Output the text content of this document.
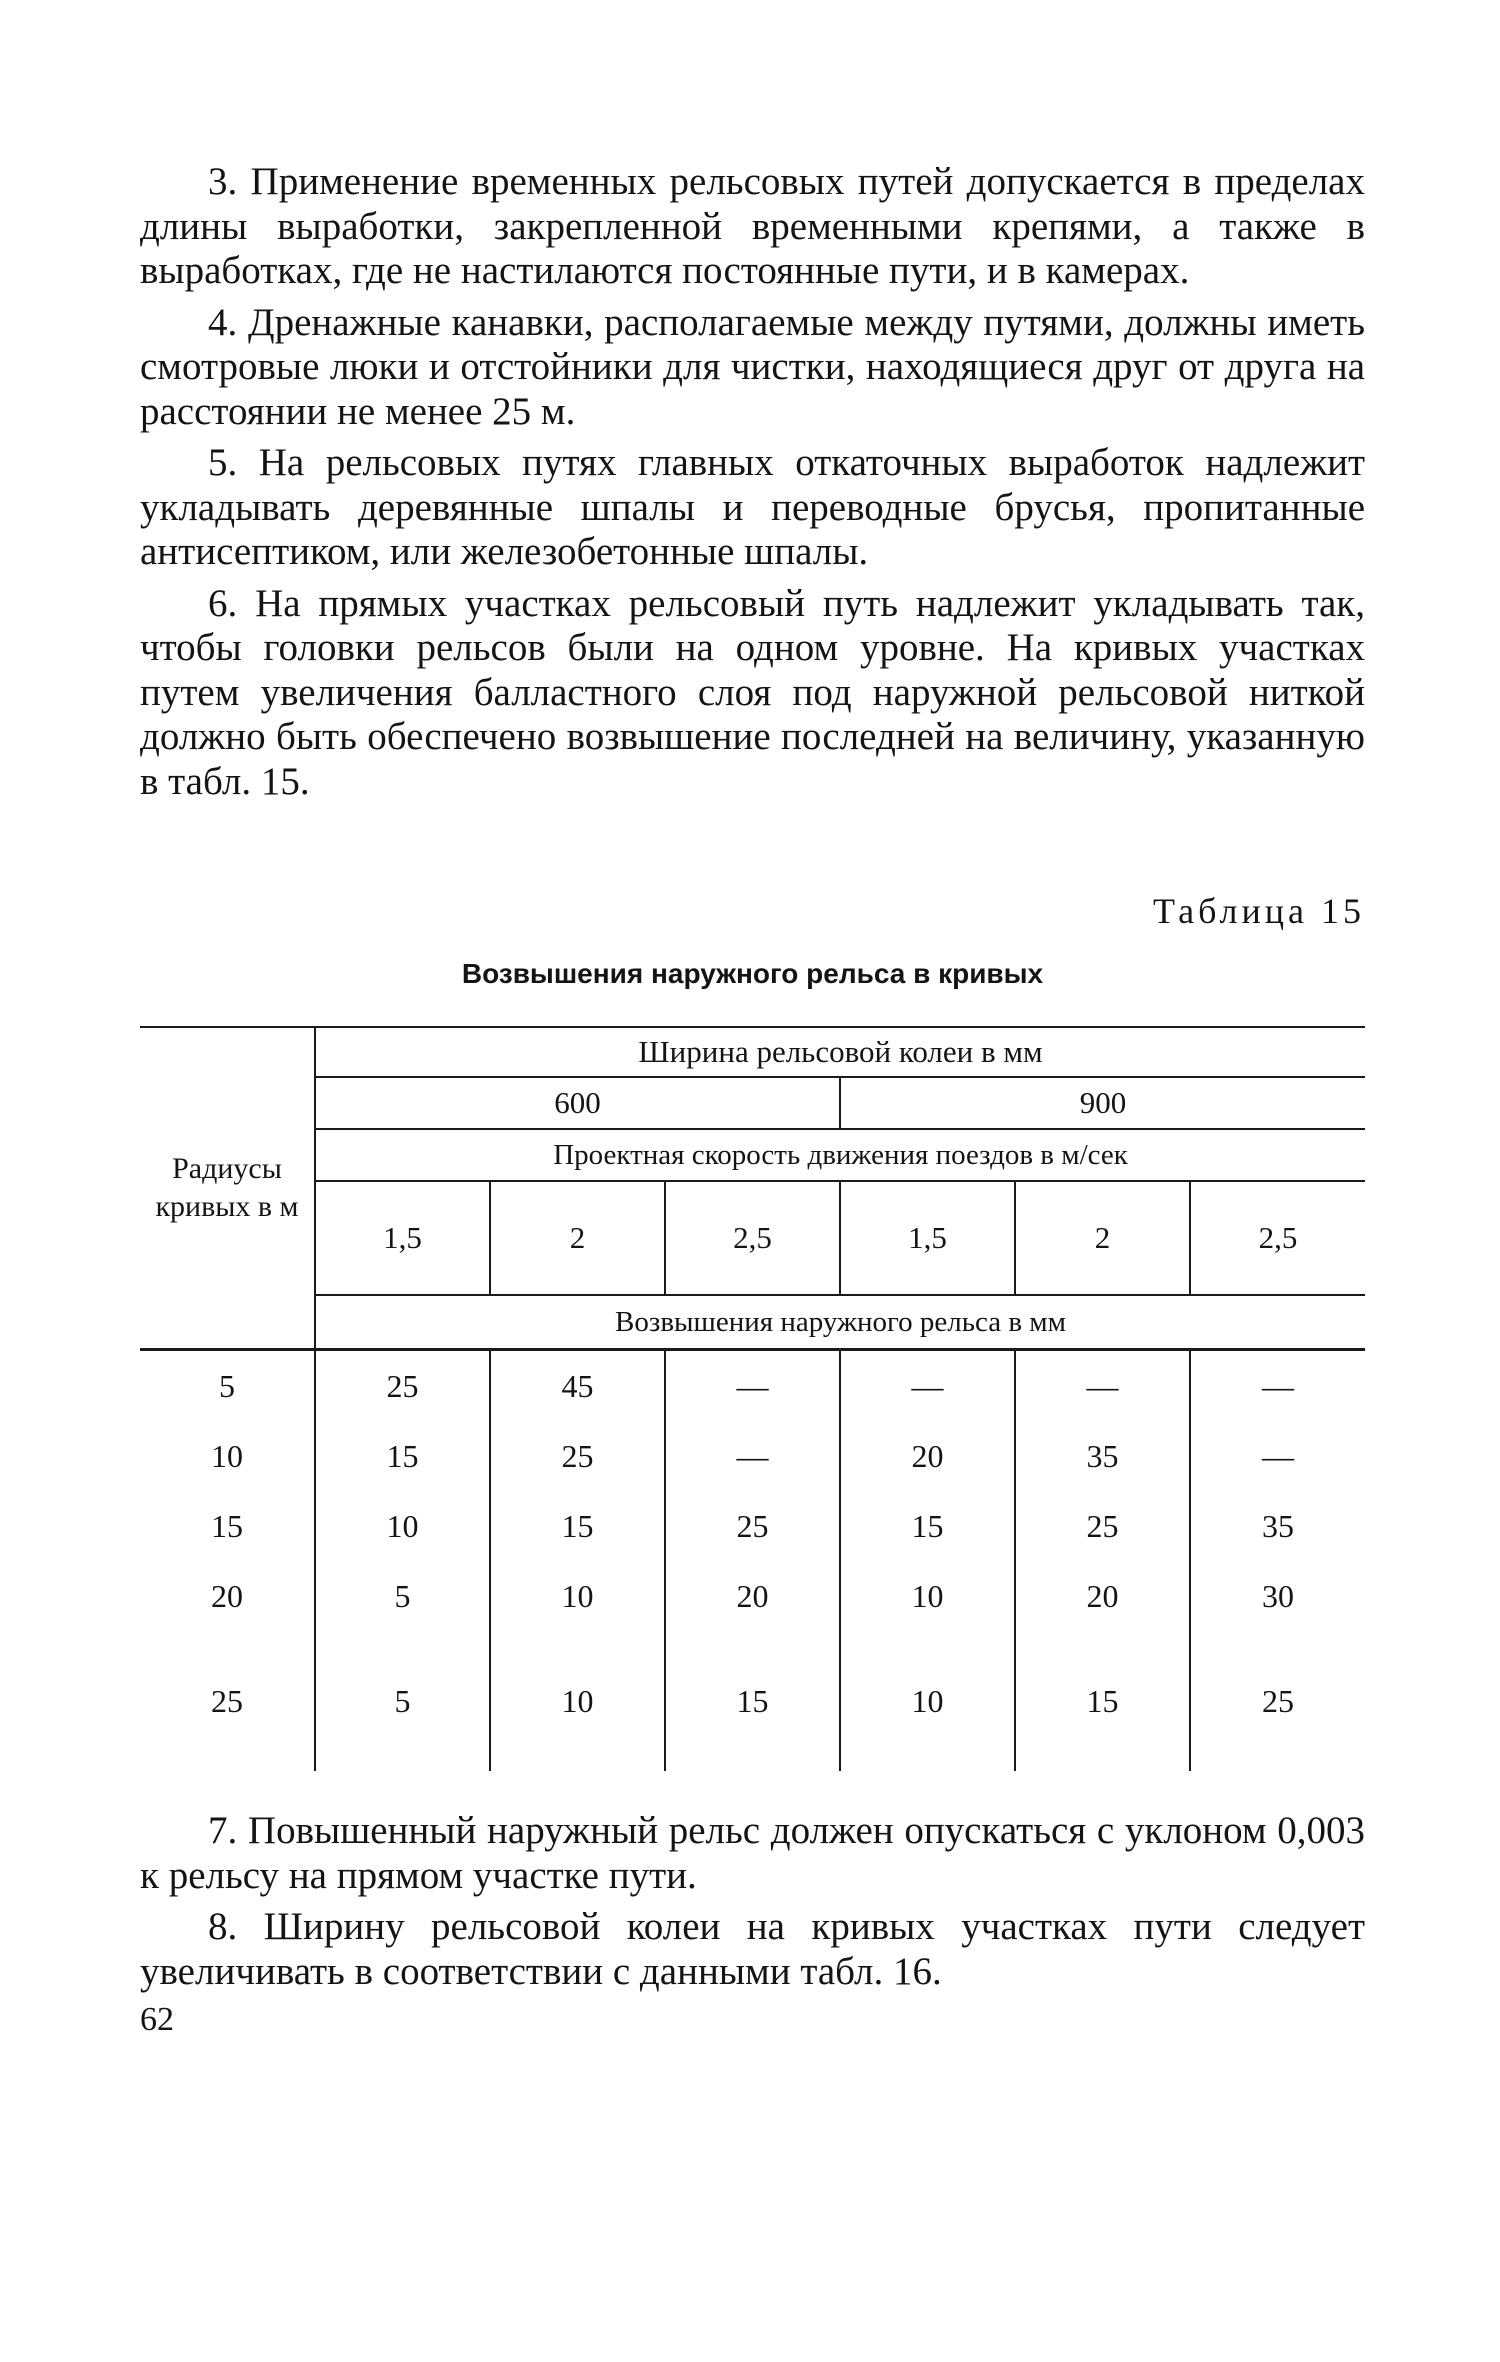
3. Применение временных рельсовых путей допускается в пределах длины выработки, закрепленной временными крепями, а также в выработках, где не настилаются постоянные пути, и в камерах.

4. Дренажные канавки, располагаемые между путями, должны иметь смотровые люки и отстойники для чистки, находящиеся друг от друга на расстоянии не менее 25 м.

5. На рельсовых путях главных откаточных выработок надлежит укладывать деревянные шпалы и переводные брусья, пропитанные антисептиком, или железобетонные шпалы.

6. На прямых участках рельсовый путь надлежит укладывать так, чтобы головки рельсов были на одном уровне. На кривых участках путем увеличения балластного слоя под наружной рельсовой ниткой должно быть обеспечено возвышение последней на величину, указанную в табл. 15.

Таблица 15
Возвышения наружного рельса в кривых
Радиусы
кривых в м	Ширина рельсовой колеи в мм					
	600			900		
	Проектная скорость движения поездов в м/сек					
	1,5	2	2,5	1,5	2	2,5
	Возвышения наружного рельса в мм					
5	25	45	—	—	—	—
10	15	25	—	20	35	—
15	10	15	25	15	25	35
20	5	10	20	10	20	30
25	5	10	15	10	15	25

7. Повышенный наружный рельс должен опускаться с уклоном 0,003 к рельсу на прямом участке пути.

8. Ширину рельсовой колеи на кривых участках пути следует увеличивать в соответствии с данными табл. 16.

62
